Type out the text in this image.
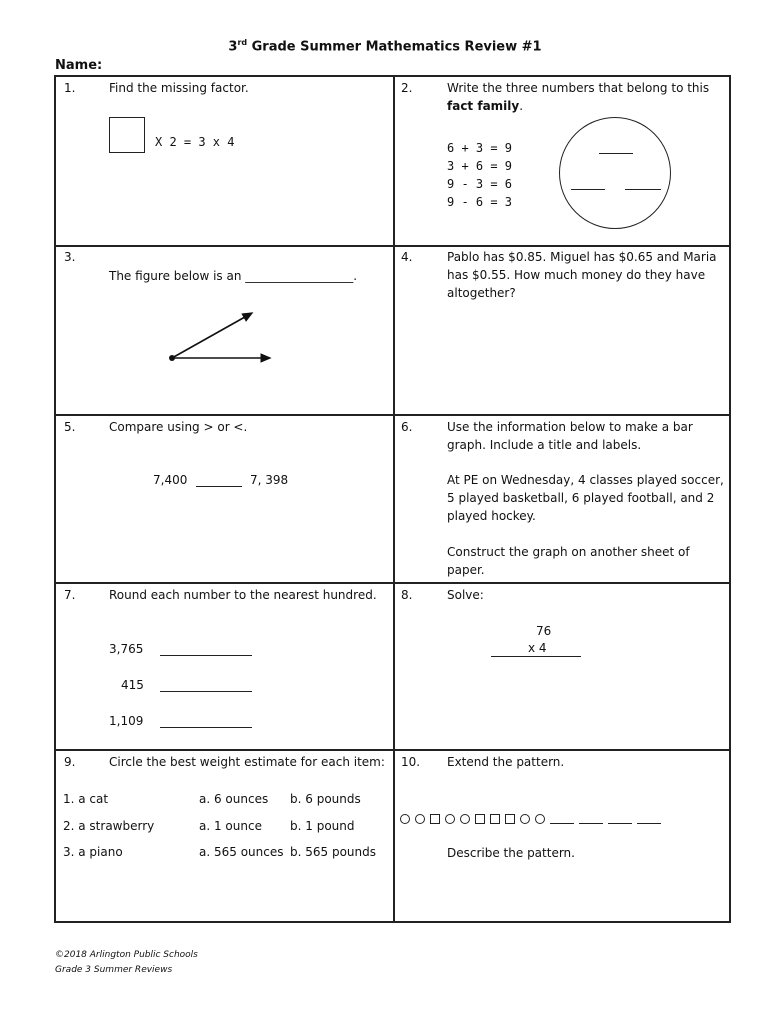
3rd Grade Summer Mathematics Review #1
Name:
1.	Find the missing factor.
X 2 = 3 x 4
2.	Write the three numbers that belong to this
fact family.
6 + 3 = 9
3 + 6 = 9
9 - 3 = 6
9 - 6 = 3
3.
The figure below is an __________________.
4.	Pablo has $0.85. Miguel has $0.65 and Maria
has $0.55. How much money do they have
altogether?
5.	Compare using > or <.
7,400	7, 398
6.	Use the information below to make a bar
graph. Include a title and labels.
At PE on Wednesday, 4 classes played soccer,
5 played basketball, 6 played football, and 2
played hockey.
Construct the graph on another sheet of paper.
7.	Round each number to the nearest hundred.
3,765
415
1,109
8.	Solve:
76
x 4
9.	Circle the best weight estimate for each item:
1. a cat	a. 6 ounces b. 6 pounds
2. a strawberry	a. 1 ounce b. 1 pound
3. a piano	a. 565 ounces b. 565 pounds
10. Extend the pattern.
Describe the pattern.
©2018 Arlington Public Schools
Grade 3 Summer Reviews
